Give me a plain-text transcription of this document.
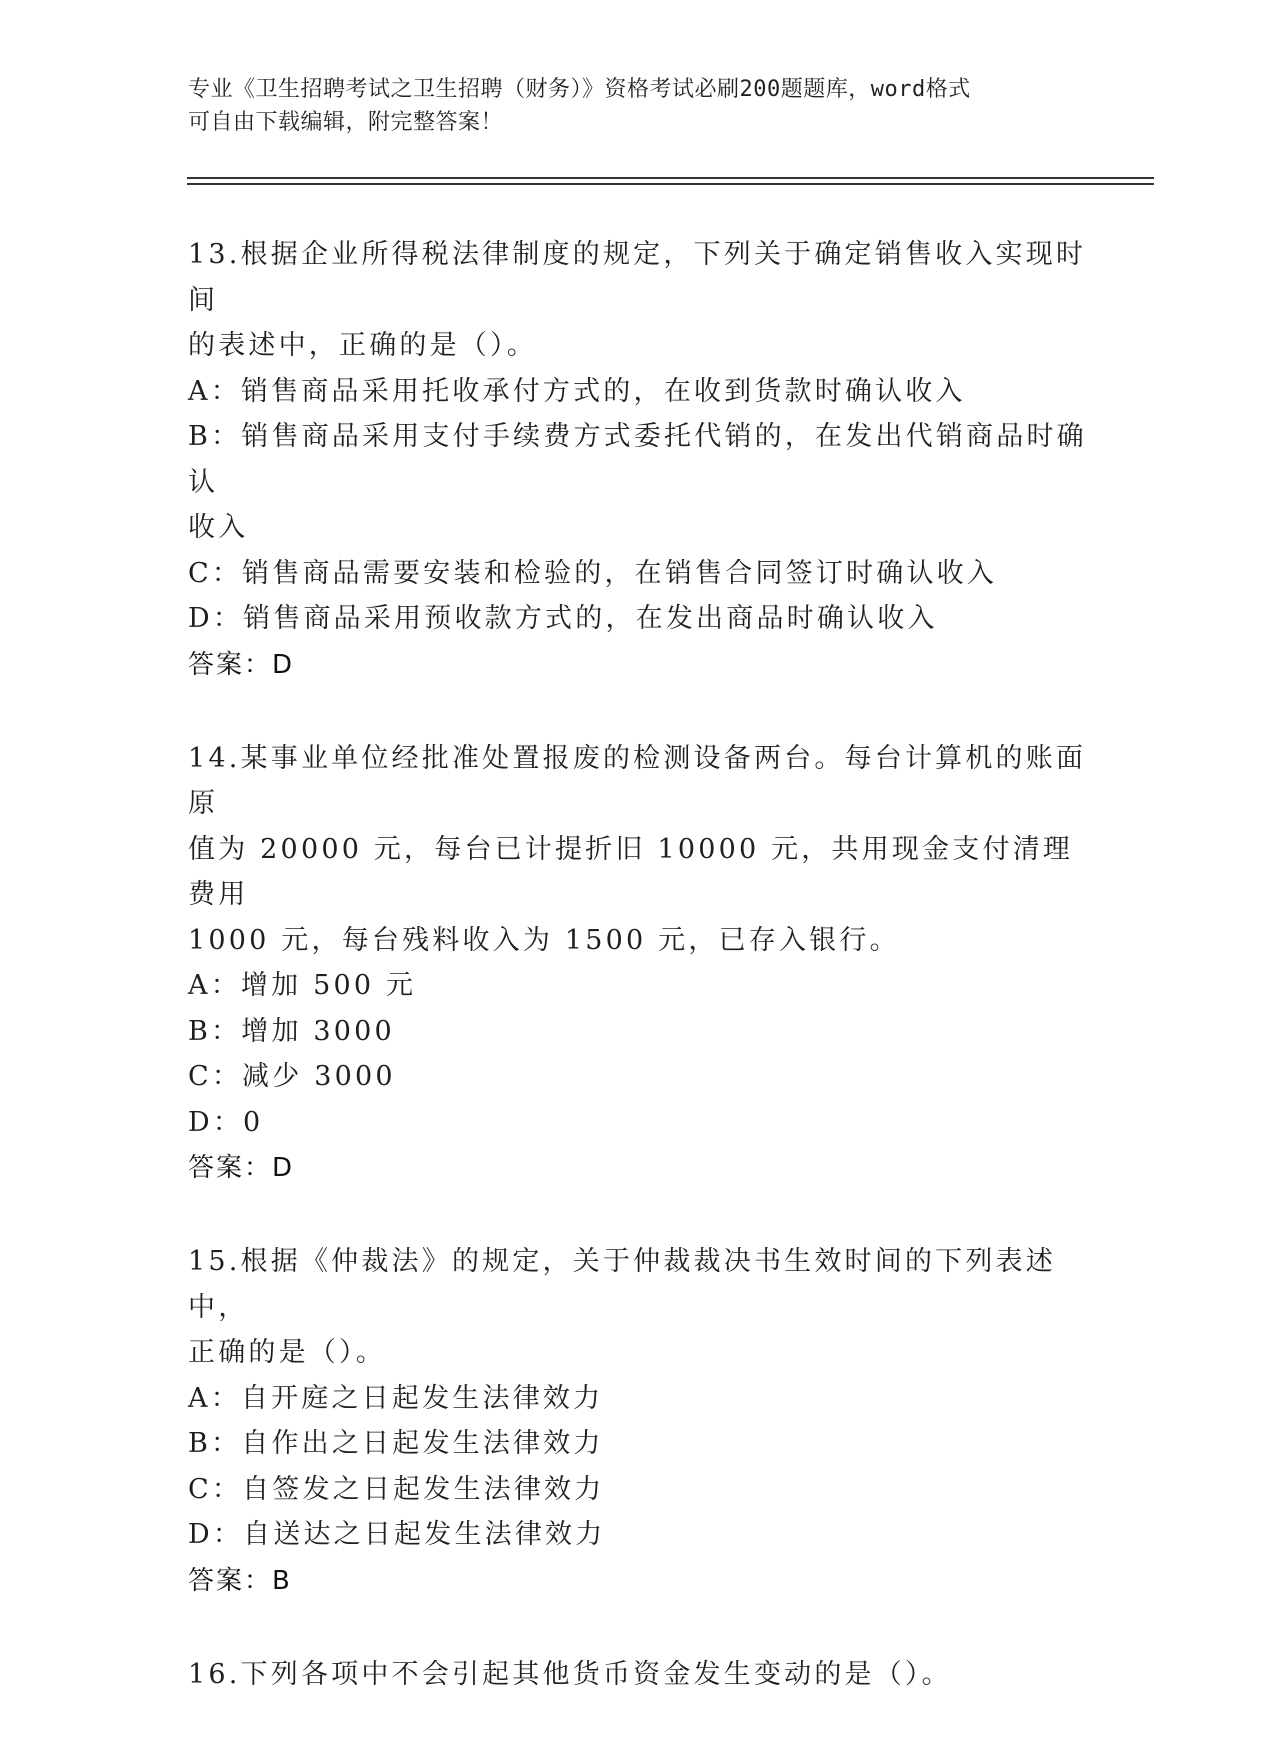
专业《卫生招聘考试之卫生招聘（财务）》资格考试必刷200题题库，word格式
可自由下载编辑，附完整答案！
13.根据企业所得税法律制度的规定，下列关于确定销售收入实现时间
的表述中，正确的是（）。
A：销售商品采用托收承付方式的，在收到货款时确认收入
B：销售商品采用支付手续费方式委托代销的，在发出代销商品时确认
收入
C：销售商品需要安装和检验的，在销售合同签订时确认收入
D：销售商品采用预收款方式的，在发出商品时确认收入
答案：D
14.某事业单位经批准处置报废的检测设备两台。每台计算机的账面原
值为 20000 元，每台已计提折旧 10000 元，共用现金支付清理费用
1000 元，每台残料收入为 1500 元，已存入银行。
A：增加 500 元
B：增加 3000
C：减少 3000
D：0
答案：D
15.根据《仲裁法》的规定，关于仲裁裁决书生效时间的下列表述中，
正确的是（）。
A：自开庭之日起发生法律效力
B：自作出之日起发生法律效力
C：自签发之日起发生法律效力
D：自送达之日起发生法律效力
答案：B
16.下列各项中不会引起其他货币资金发生变动的是（）。
